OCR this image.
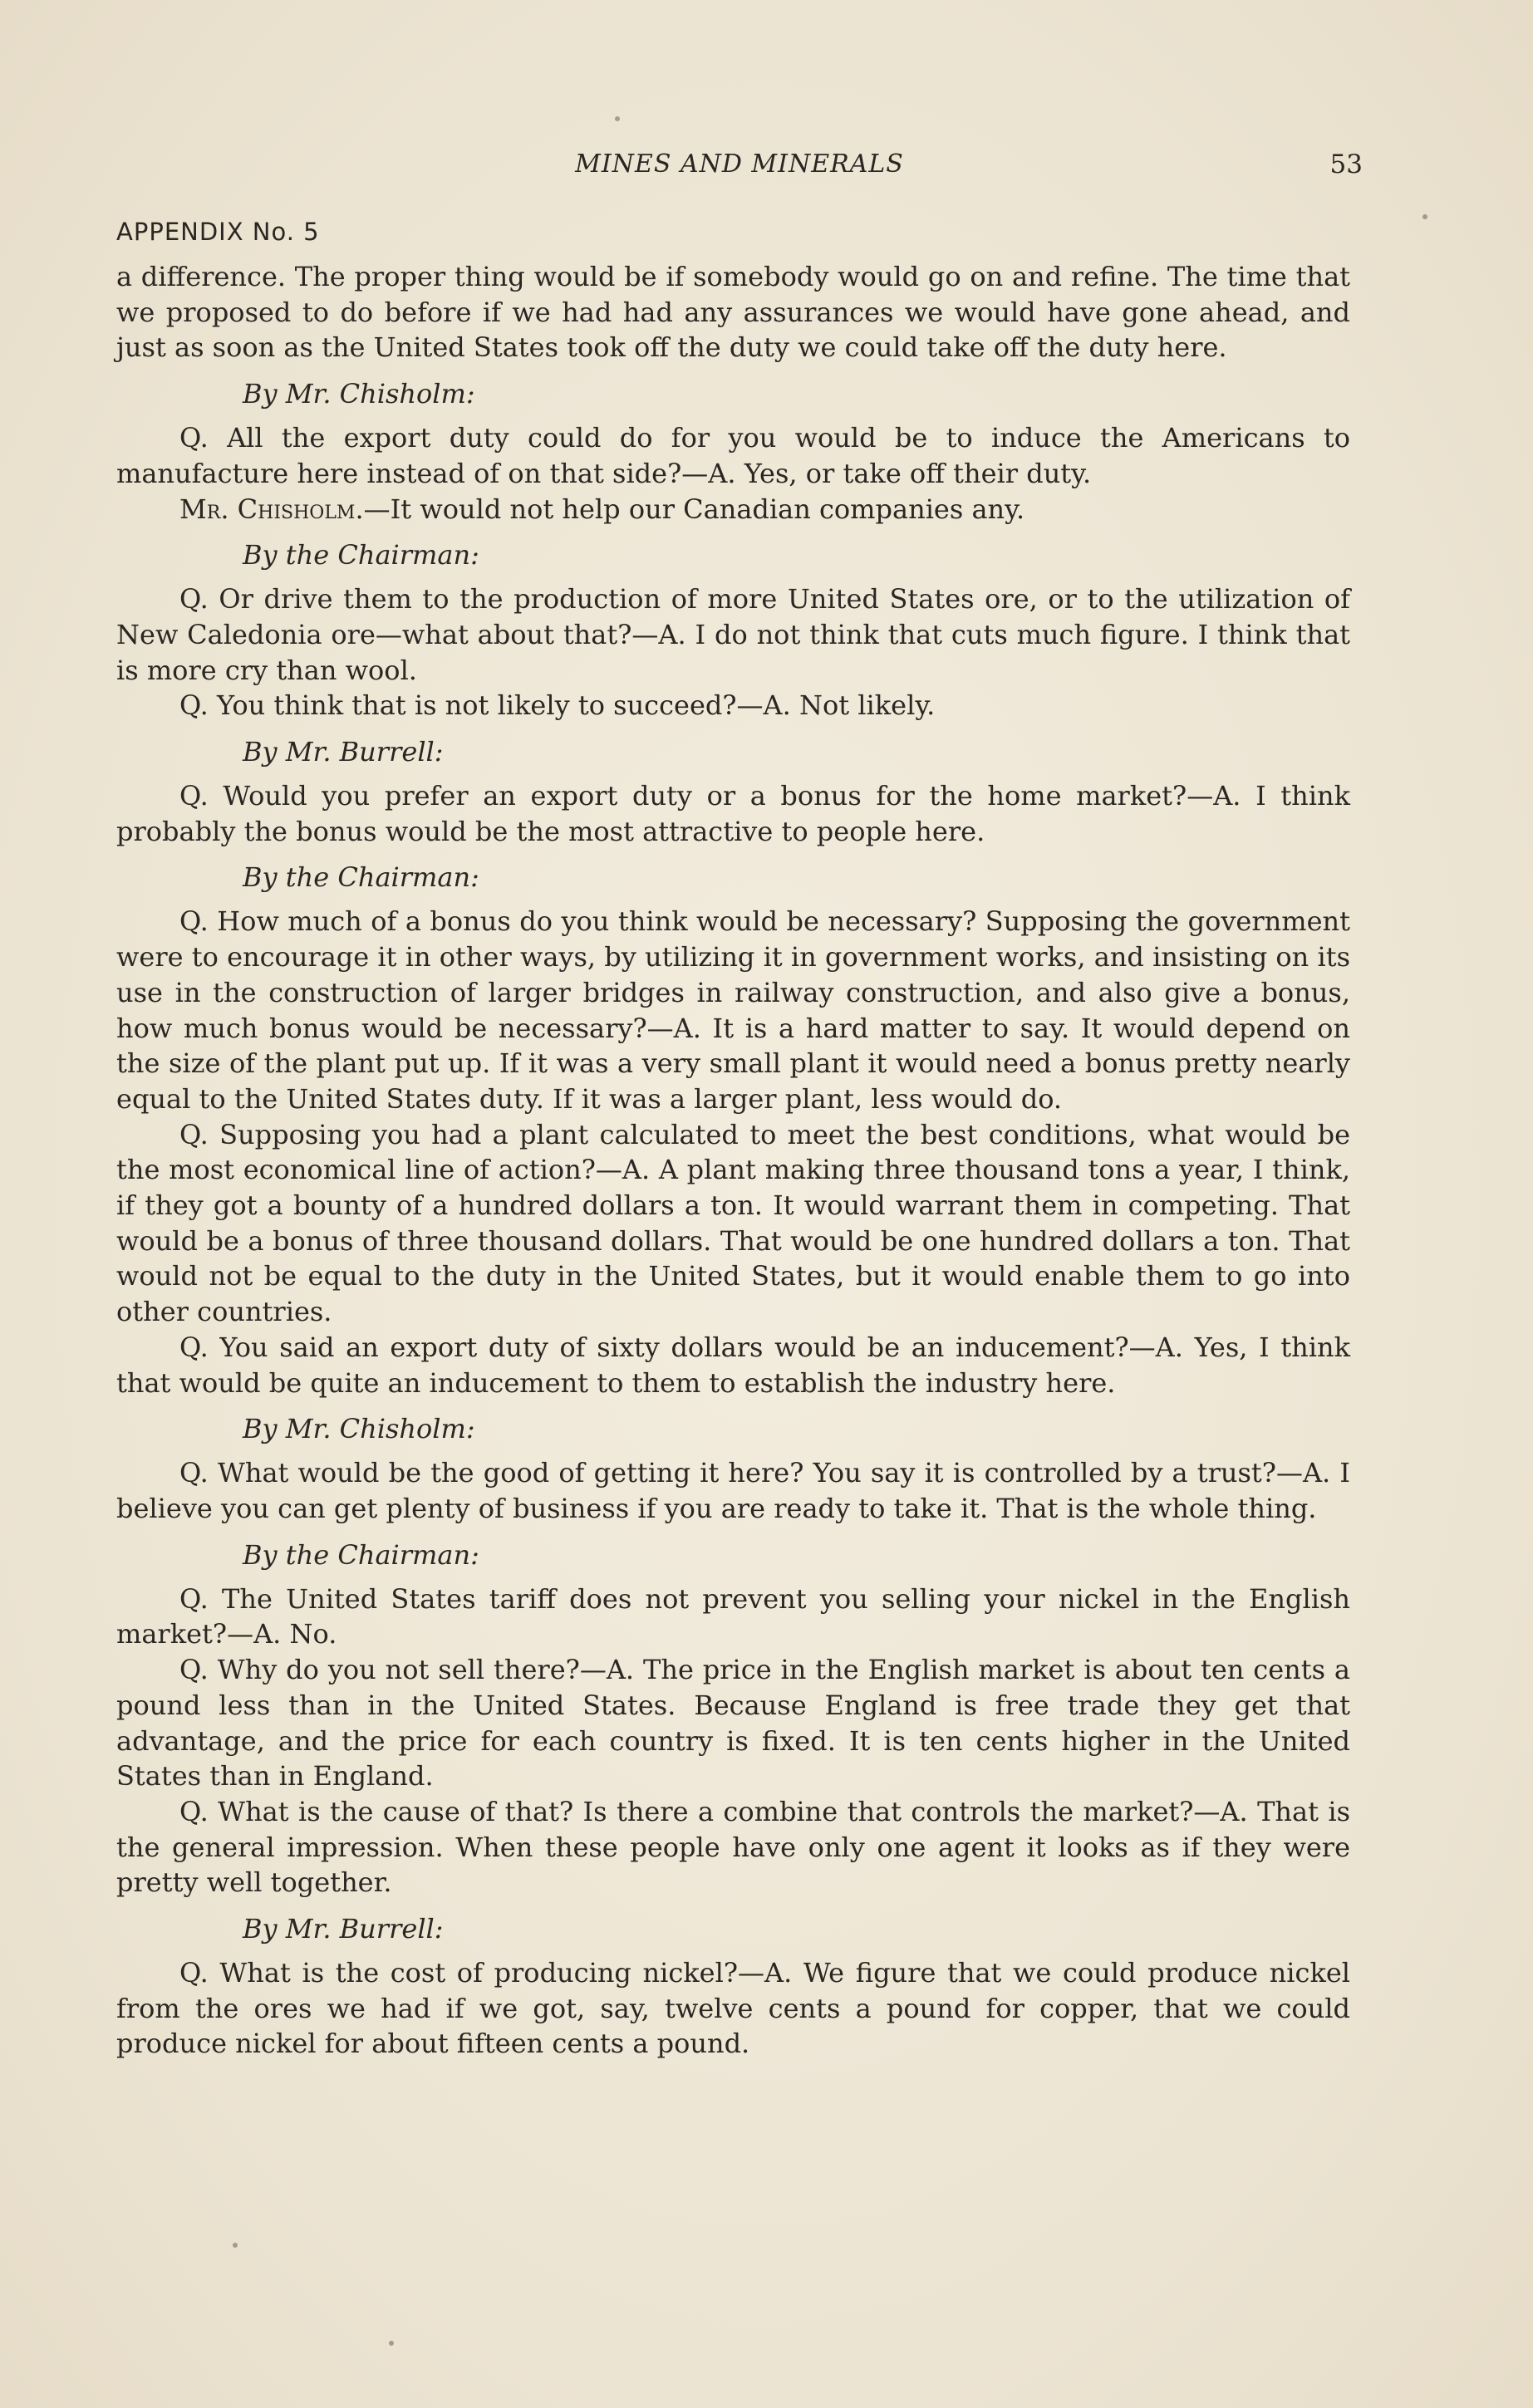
MINES AND MINERALS	53
APPENDIX No. 5

a difference. The proper thing would be if somebody would go on and refine. The time that we proposed to do before if we had had any assurances we would have gone ahead, and just as soon as the United States took off the duty we could take off the duty here.

By Mr. Chisholm:

Q. All the export duty could do for you would be to induce the Americans to manufacture here instead of on that side?—A. Yes, or take off their duty.

Mr. Chisholm.—It would not help our Canadian companies any.

By the Chairman:

Q. Or drive them to the production of more United States ore, or to the utilization of New Caledonia ore—what about that?—A. I do not think that cuts much figure. I think that is more cry than wool.

Q. You think that is not likely to succeed?—A. Not likely.

By Mr. Burrell:

Q. Would you prefer an export duty or a bonus for the home market?—A. I think probably the bonus would be the most attractive to people here.

By the Chairman:

Q. How much of a bonus do you think would be necessary? Supposing the government were to encourage it in other ways, by utilizing it in government works, and insisting on its use in the construction of larger bridges in railway construction, and also give a bonus, how much bonus would be necessary?—A. It is a hard matter to say. It would depend on the size of the plant put up. If it was a very small plant it would need a bonus pretty nearly equal to the United States duty. If it was a larger plant, less would do.

Q. Supposing you had a plant calculated to meet the best conditions, what would be the most economical line of action?—A. A plant making three thousand tons a year, I think, if they got a bounty of a hundred dollars a ton. It would warrant them in competing. That would be a bonus of three thousand dollars. That would be one hundred dollars a ton. That would not be equal to the duty in the United States, but it would enable them to go into other countries.

Q. You said an export duty of sixty dollars would be an inducement?—A. Yes, I think that would be quite an inducement to them to establish the industry here.

By Mr. Chisholm:

Q. What would be the good of getting it here? You say it is controlled by a trust?—A. I believe you can get plenty of business if you are ready to take it. That is the whole thing.

By the Chairman:

Q. The United States tariff does not prevent you selling your nickel in the English market?—A. No.

Q. Why do you not sell there?—A. The price in the English market is about ten cents a pound less than in the United States. Because England is free trade they get that advantage, and the price for each country is fixed. It is ten cents higher in the United States than in England.

Q. What is the cause of that? Is there a combine that controls the market?—A. That is the general impression. When these people have only one agent it looks as if they were pretty well together.

By Mr. Burrell:

Q. What is the cost of producing nickel?—A. We figure that we could produce nickel from the ores we had if we got, say, twelve cents a pound for copper, that we could produce nickel for about fifteen cents a pound.
